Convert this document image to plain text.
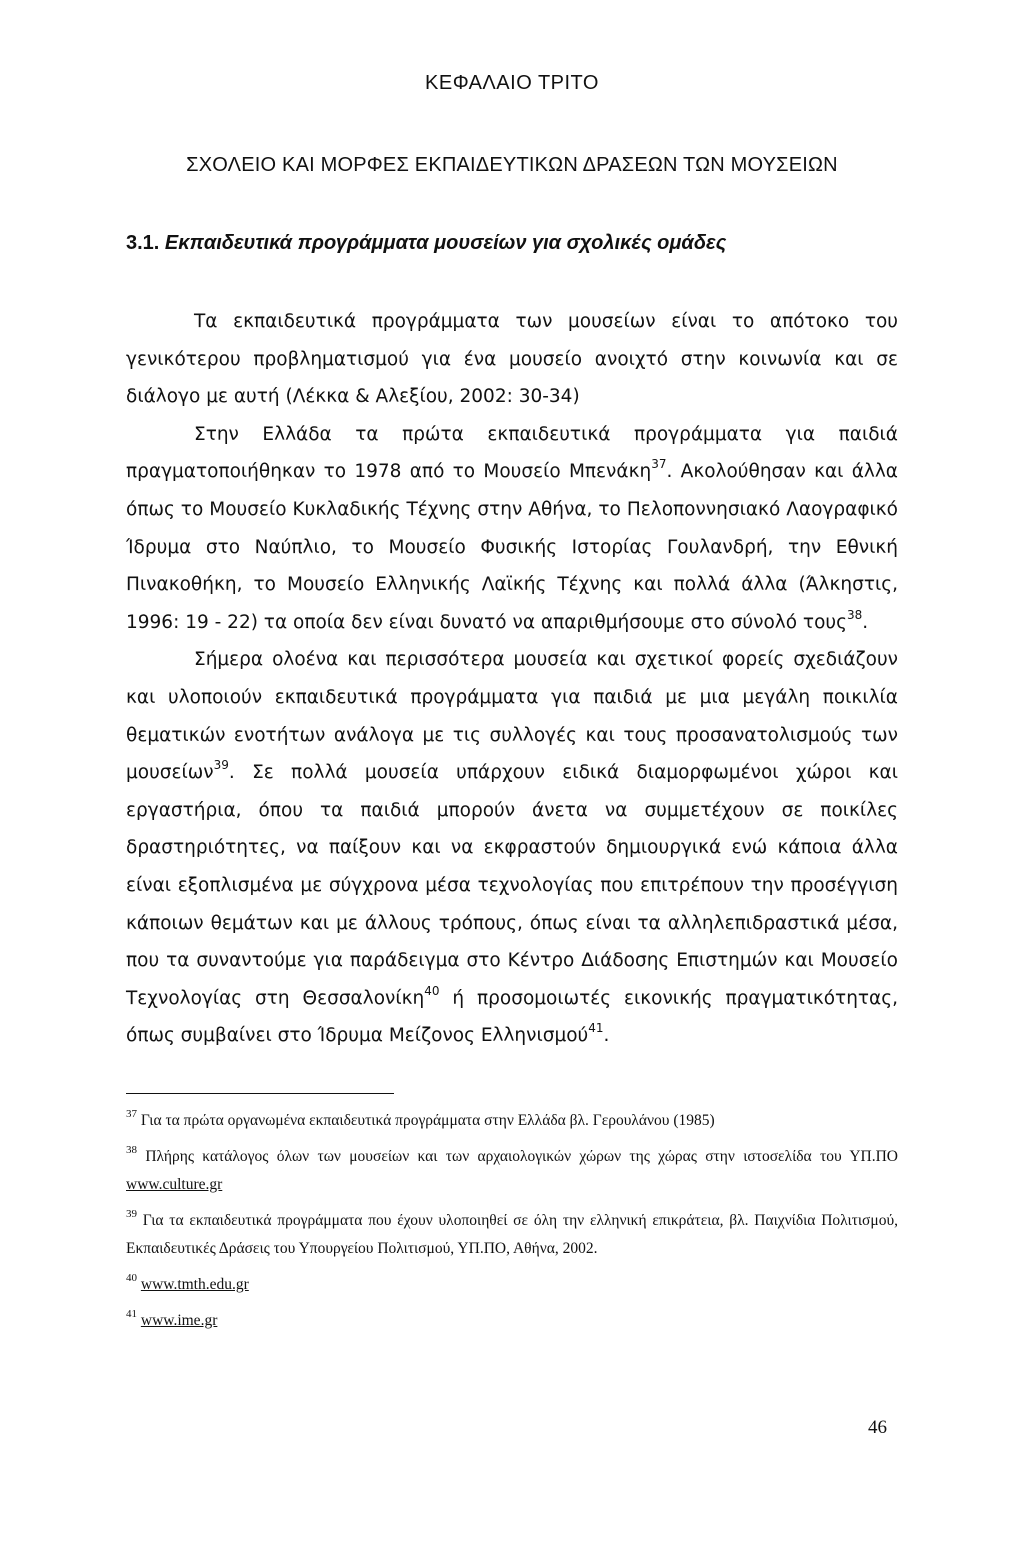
ΚΕΦΑΛΑΙΟ ΤΡΙΤΟ
ΣΧΟΛΕΙΟ ΚΑΙ ΜΟΡΦΕΣ ΕΚΠΑΙΔΕΥΤΙΚΩΝ ΔΡΑΣΕΩΝ ΤΩΝ ΜΟΥΣΕΙΩΝ
3.1. Εκπαιδευτικά προγράμματα μουσείων για σχολικές ομάδες

Τα εκπαιδευτικά προγράμματα των μουσείων είναι το απότοκο του γενικότερου προβληματισμού για ένα μουσείο ανοιχτό στην κοινωνία και σε διάλογο με αυτή (Λέκκα & Αλεξίου, 2002: 30-34)

Στην Ελλάδα τα πρώτα εκπαιδευτικά προγράμματα για παιδιά πραγματοποιήθηκαν το 1978 από το Μουσείο Μπενάκη$^{37}$. Ακολούθησαν και άλλα όπως το Μουσείο Κυκλαδικής Τέχνης στην Αθήνα, το Πελοποννησιακό Λαογραφικό Ίδρυμα στο Ναύπλιο, το Μουσείο Φυσικής Ιστορίας Γουλανδρή, την Εθνική Πινακοθήκη, το Μουσείο Ελληνικής Λαϊκής Τέχνης και πολλά άλλα (Άλκηστις, 1996: 19 - 22) τα οποία δεν είναι δυνατό να απαριθμήσουμε στο σύνολό τους$^{38}$.

Σήμερα ολοένα και περισσότερα μουσεία και σχετικοί φορείς σχεδιάζουν και υλοποιούν εκπαιδευτικά προγράμματα για παιδιά με μια μεγάλη ποικιλία θεματικών ενοτήτων ανάλογα με τις συλλογές και τους προσανατολισμούς των μουσείων$^{39}$. Σε πολλά μουσεία υπάρχουν ειδικά διαμορφωμένοι χώροι και εργαστήρια, όπου τα παιδιά μπορούν άνετα να συμμετέχουν σε ποικίλες δραστηριότητες, να παίξουν και να εκφραστούν δημιουργικά ενώ κάποια άλλα είναι εξοπλισμένα με σύγχρονα μέσα τεχνολογίας που επιτρέπουν την προσέγγιση κάποιων θεμάτων και με άλλους τρόπους, όπως είναι τα αλληλεπιδραστικά μέσα, που τα συναντούμε για παράδειγμα στο Κέντρο Διάδοσης Επιστημών και Μουσείο Τεχνολογίας στη Θεσσαλονίκη$^{40}$ ή προσομοιωτές εικονικής πραγματικότητας, όπως συμβαίνει στο Ίδρυμα Μείζονος Ελληνισμού$^{41}$.

$^{37}$ Για τα πρώτα οργανωμένα εκπαιδευτικά προγράμματα στην Ελλάδα βλ. Γερουλάνου (1985)

$^{38}$ Πλήρης κατάλογος όλων των μουσείων και των αρχαιολογικών χώρων της χώρας στην ιστοσελίδα του ΥΠ.ΠΟ www.culture.gr

$^{39}$ Για τα εκπαιδευτικά προγράμματα που έχουν υλοποιηθεί σε όλη την ελληνική επικράτεια, βλ. Παιχνίδια Πολιτισμού, Εκπαιδευτικές Δράσεις του Υπουργείου Πολιτισμού, ΥΠ.ΠΟ, Αθήνα, 2002.

$^{40}$ www.tmth.edu.gr

$^{41}$ www.ime.gr

46
